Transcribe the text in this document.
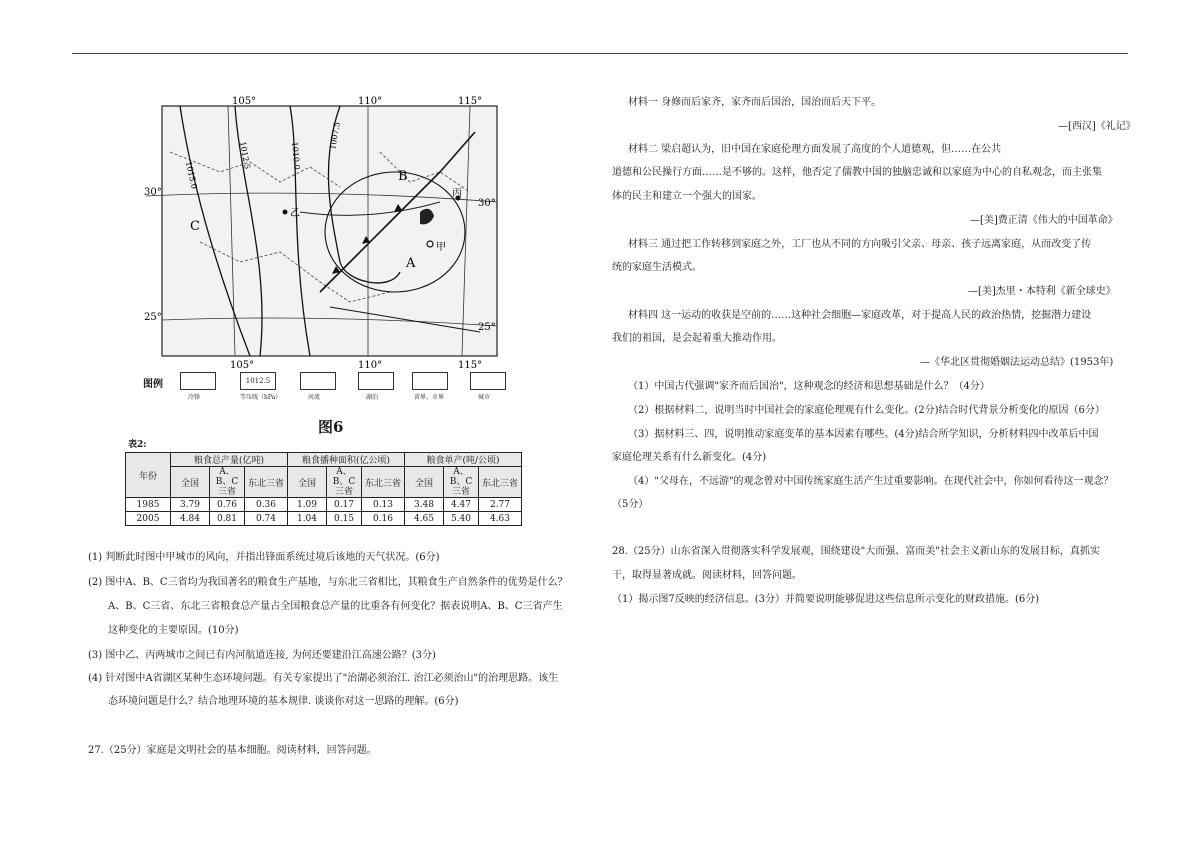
105°	110°	115°
105°	110°	115°
30°
25°
30°
25°
A
B
C
乙
丙
甲
1015.0
1012.5	1010.0
1007.5
图例	1012.5
冷锋	等压线（hPa）	河流	湖泊	省界、市界	城市
图6
表2:
年份	粮食总产量(亿吨)			粮食播种面积(亿公顷)			粮食单产(吨/公顷)		
	全国	A、B、C三省	东北三省	全国	A、B、C三省	东北三省	全国	A、B、C三省	东北三省
1985	3.79	0.76	0.36	1.09	0.17	0.13	3.48	4.47	2.77
2005	4.84	0.81	0.74	1.04	0.15	0.16	4.65	5.40	4.63
(1) 判断此时图中甲城市的风向，并指出锋面系统过境后该地的天气状况。(6分)
(2) 图中A、B、C三省均为我国著名的粮食生产基地，与东北三省相比，其粮食生产自然条件的优势是什么？
A、B、C三省、东北三省粮食总产量占全国粮食总产量的比重各有何变化？据表说明A、B、C三省产生
这种变化的主要原因。(10分)
(3) 图中乙、丙两城市之间已有内河航道连接, 为何还要建沿江高速公路？(3分)
(4) 针对图中A省湖区某种生态环境问题。有关专家提出了"治湖必须治江. 治江必须治山"的治理思路。该生
态环境问题是什么？结合地理环境的基本规律. 谈谈你对这一思路的理解。(6分)
27.（25分）家庭是文明社会的基本细胞。阅读材料，回答问题。
材料一 身修而后家齐，家齐而后国治，国治而后天下平。
—[西汉]《礼记》
材料二 梁启超认为，旧中国在家庭伦理方面发展了高度的个人道德观，但……在公共
道德和公民操行方面……是不够的。这样，他否定了儒教中国的独脑忠诚和以家庭为中心的自私观念，而主张集
体的民主和建立一个强大的国家。
—[美]费正清《伟大的中国革命》
材料三 通过把工作转移到家庭之外，工厂也从不同的方向吸引父亲、母亲、孩子远离家庭，从而改变了传
统的家庭生活模式。
—[美]杰里・本特利《新全球史》
材料四 这一运动的收获是空前的……这种社会细胞—家庭改革，对于提高人民的政治热情，挖掘潜力建设
我们的祖国，是会起着重大推动作用。
—《华北区贯彻婚姻法运动总结》(1953年)
（1）中国古代强调"家齐而后国治"，这种观念的经济和思想基础是什么？（4分）
（2）根据材料二，说明当时中国社会的家庭伦理观有什么变化。(2分)结合时代背景分析变化的原因（6分）
（3）据材料三、四，说明推动家庭变革的基本因素有哪些。(4分)结合所学知识，分析材料四中改革后中国
家庭伦理关系有什么新变化。(4分)
（4）"父母在，不远游"的观念曾对中国传统家庭生活产生过重要影响。在现代社会中，你如何看待这一观念？
（5分）
28.（25分）山东省深入贯彻落实科学发展观，围绕建设"大而强、富而美"社会主义新山东的发展目标，真抓实
干，取得显著成就。阅读材料，回答问题。
（1）揭示图7反映的经济信息。(3分）并简要说明能够促进这些信息所示变化的财政措施。(6分)
